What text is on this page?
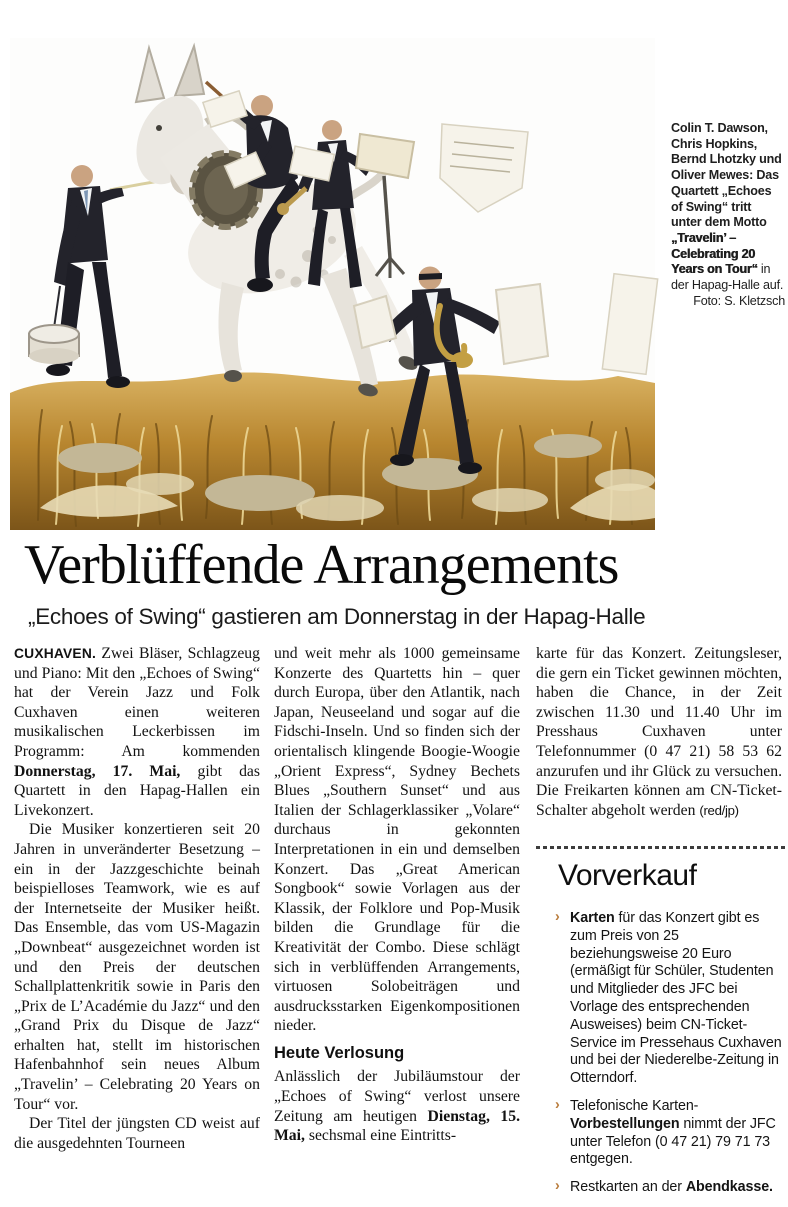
Colin T. Dawson, Chris Hopkins, Bernd Lhotzky und Oliver Mewes: Das Quartett „Echoes of Swing“ tritt unter dem Motto „Travelin’ – Celebrating 20 Years on Tour“ in der Hapag-Halle auf.

Foto: S. Kletzsch

Verblüffende Arrangements
„Echoes of Swing“ gastieren am Donnerstag in der Hapag-Halle

CUXHAVEN. Zwei Bläser, Schlagzeug und Piano: Mit den „Echoes of Swing“ hat der Verein Jazz und Folk Cuxhaven einen weiteren musikalischen Leckerbissen im Programm: Am kommenden Donnerstag, 17. Mai, gibt das Quartett in den Hapag-Hallen ein Livekonzert.

Die Musiker konzertieren seit 20 Jahren in unveränderter Besetzung – ein in der Jazzgeschichte beinah beispielloses Teamwork, wie es auf der Internetseite der Musiker heißt. Das Ensemble, das vom US-Magazin „Downbeat“ ausgezeichnet worden ist und den Preis der deutschen Schallplattenkritik sowie in Paris den „Prix de L’Académie du Jazz“ und den „Grand Prix du Disque de Jazz“ erhalten hat, stellt im historischen Hafenbahnhof sein neues Album „Travelin’ – Celebrating 20 Years on Tour“ vor.

Der Titel der jüngsten CD weist auf die ausgedehnten Tourneen

und weit mehr als 1000 gemeinsame Konzerte des Quartetts hin – quer durch Europa, über den Atlantik, nach Japan, Neuseeland und sogar auf die Fidschi-Inseln. Und so finden sich der orientalisch klingende Boogie-Woogie „Orient Express“, Sydney Bechets Blues „Southern Sunset“ und aus Italien der Schlagerklassiker „Volare“ durchaus in gekonnten Interpretationen in ein und demselben Konzert. Das „Great American Songbook“ sowie Vorlagen aus der Klassik, der Folklore und Pop-Musik bilden die Grundlage für die Kreativität der Combo. Diese schlägt sich in verblüffenden Arrangements, virtuosen Solobeiträgen und ausdrucksstarken Eigenkompositionen nieder.

Heute Verlosung

Anlässlich der Jubiläumstour der „Echoes of Swing“ verlost unsere Zeitung am heutigen Dienstag, 15. Mai, sechsmal eine Eintritts-

karte für das Konzert. Zeitungsleser, die gern ein Ticket gewinnen möchten, haben die Chance, in der Zeit zwischen 11.30 und 11.40 Uhr im Presshaus Cuxhaven unter Telefonnummer (0 47 21) 58 53 62 anzurufen und ihr Glück zu versuchen. Die Freikarten können am CN-Ticket-Schalter abgeholt werden (red/jp)

Vorverkauf
› Karten für das Konzert gibt es zum Preis von 25 beziehungsweise 20 Euro (ermäßigt für Schüler, Studenten und Mitglieder des JFC bei Vorlage des entsprechenden Ausweises) beim CN-Ticket-Service im Pressehaus Cuxhaven und bei der Niederelbe-Zeitung in Otterndorf.
› Telefonische Karten-Vorbestellungen nimmt der JFC unter Telefon (0 47 21) 79 71 73 entgegen.
› Restkarten an der Abendkasse.
